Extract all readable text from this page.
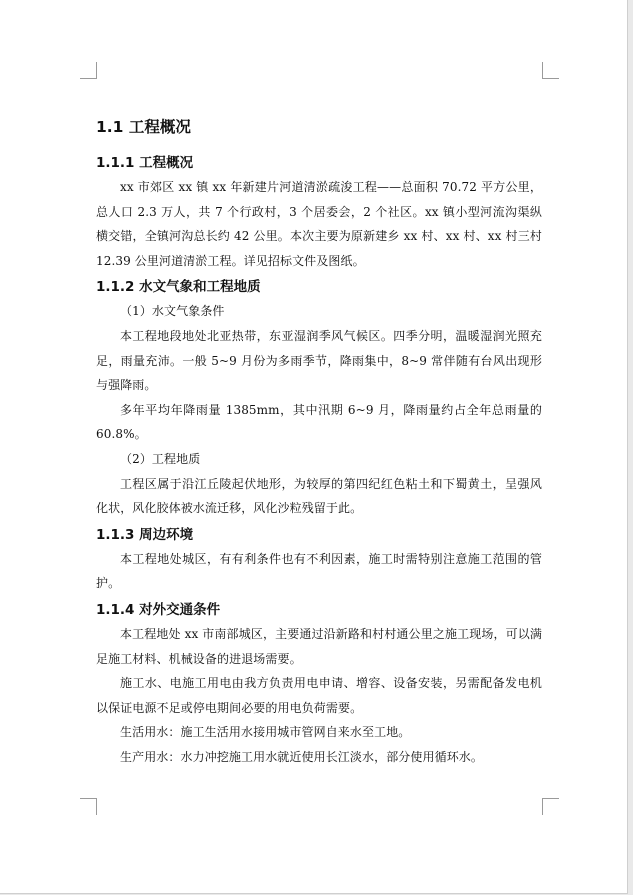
1.1 工程概况
1.1.1 工程概况

xx 市郊区 xx 镇 xx 年新建片河道清淤疏浚工程——总面积 70.72 平方公里，总人口 2.3 万人，共 7 个行政村，3 个居委会，2 个社区。xx 镇小型河流沟渠纵横交错，全镇河沟总长约 42 公里。本次主要为原新建乡 xx 村、xx 村、xx 村三村 12.39 公里河道清淤工程。详见招标文件及图纸。

1.1.2 水文气象和工程地质

（1）水文气象条件

本工程地段地处北亚热带，东亚湿润季风气候区。四季分明，温暖湿润光照充足，雨量充沛。一般 5~9 月份为多雨季节，降雨集中，8~9 常伴随有台风出现形与强降雨。

多年平均年降雨量 1385mm，其中汛期 6~9 月，降雨量约占全年总雨量的 60.8%。

（2）工程地质

工程区属于沿江丘陵起伏地形，为较厚的第四纪红色粘土和下蜀黄土，呈强风化状，风化胶体被水流迁移，风化沙粒残留于此。

1.1.3 周边环境

本工程地处城区，有有利条件也有不利因素，施工时需特别注意施工范围的管护。

1.1.4 对外交通条件

本工程地处 xx 市南部城区，主要通过沿新路和村村通公里之施工现场，可以满足施工材料、机械设备的进退场需要。

施工水、电施工用电由我方负责用电申请、增容、设备安装，另需配备发电机以保证电源不足或停电期间必要的用电负荷需要。

生活用水：施工生活用水接用城市管网自来水至工地。

生产用水：水力冲挖施工用水就近使用长江淡水，部分使用循环水。
